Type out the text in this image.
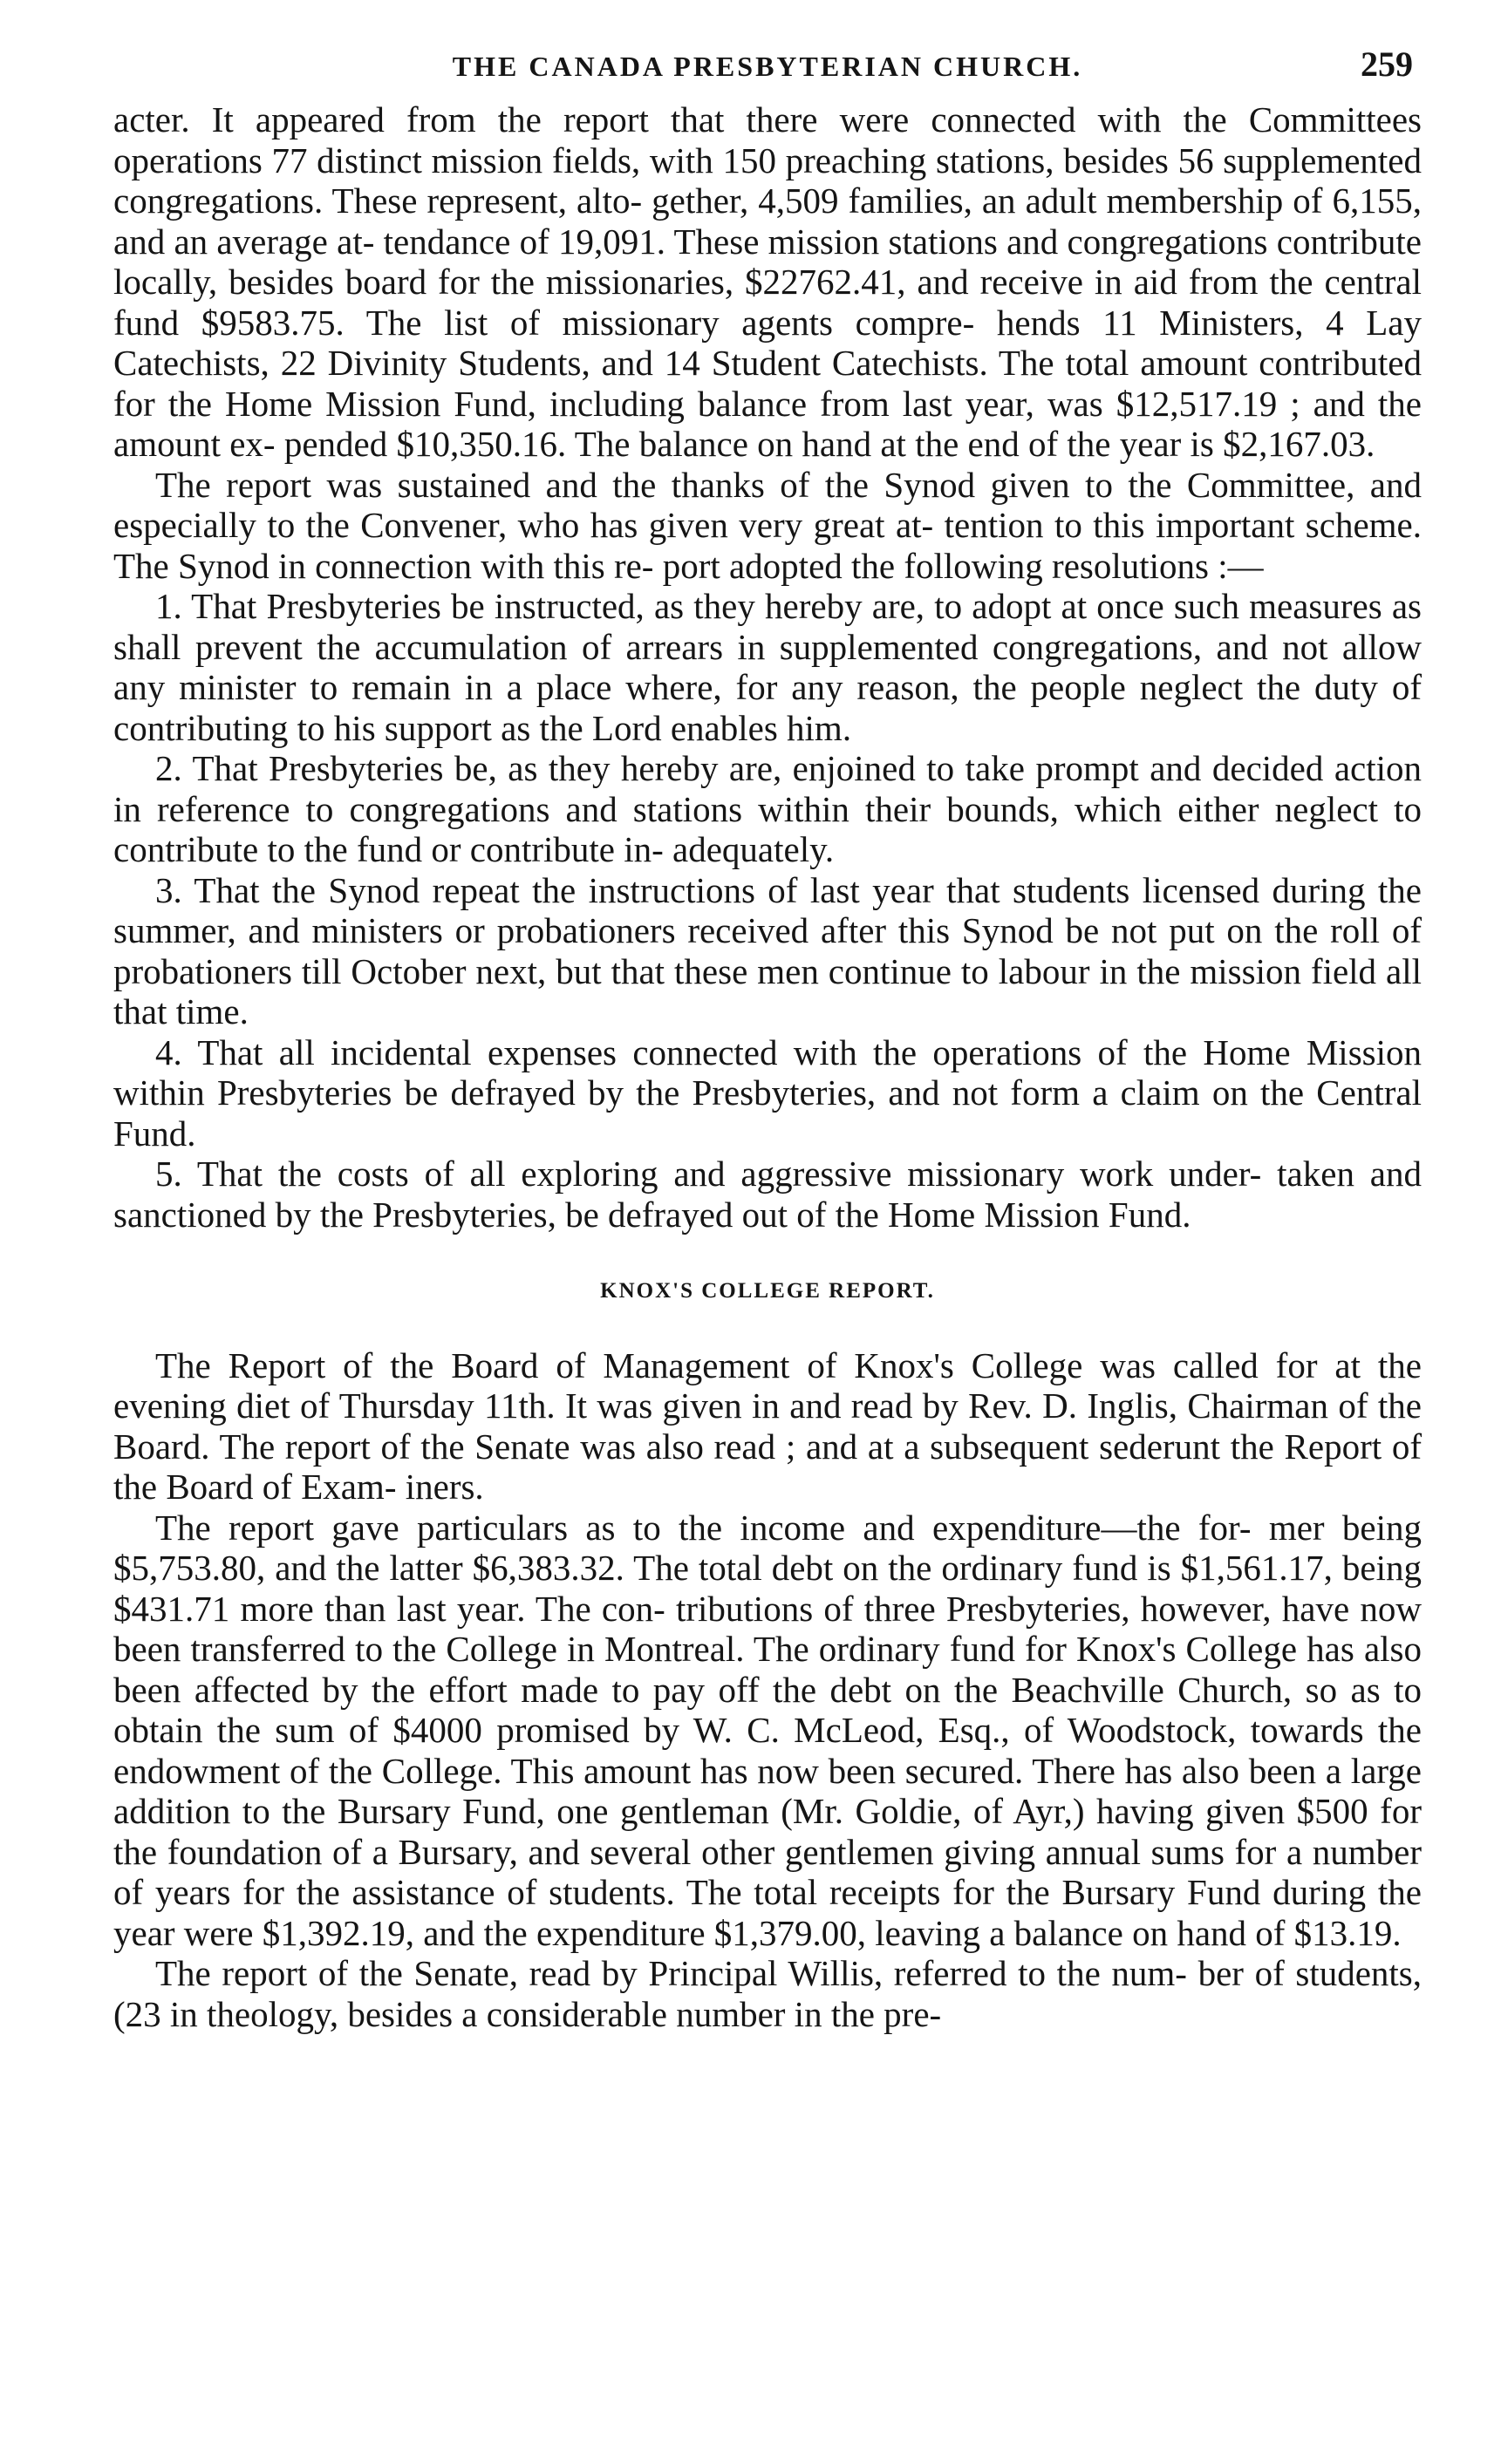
THE CANADA PRESBYTERIAN CHURCH.	259

acter. It appeared from the report that there were connected with the Committees operations 77 distinct mission fields, with 150 preaching stations, besides 56 supplemented congregations. These represent, alto- gether, 4,509 families, an adult membership of 6,155, and an average at- tendance of 19,091. These mission stations and congregations contribute locally, besides board for the missionaries, $22762.41, and receive in aid from the central fund $9583.75. The list of missionary agents compre- hends 11 Ministers, 4 Lay Catechists, 22 Divinity Students, and 14 Student Catechists. The total amount contributed for the Home Mission Fund, including balance from last year, was $12,517.19 ; and the amount ex- pended $10,350.16. The balance on hand at the end of the year is $2,167.03.

The report was sustained and the thanks of the Synod given to the Committee, and especially to the Convener, who has given very great at- tention to this important scheme. The Synod in connection with this re- port adopted the following resolutions :—

1. That Presbyteries be instructed, as they hereby are, to adopt at once such measures as shall prevent the accumulation of arrears in supplemented congregations, and not allow any minister to remain in a place where, for any reason, the people neglect the duty of contributing to his support as the Lord enables him.

2. That Presbyteries be, as they hereby are, enjoined to take prompt and decided action in reference to congregations and stations within their bounds, which either neglect to contribute to the fund or contribute in- adequately.

3. That the Synod repeat the instructions of last year that students licensed during the summer, and ministers or probationers received after this Synod be not put on the roll of probationers till October next, but that these men continue to labour in the mission field all that time.

4. That all incidental expenses connected with the operations of the Home Mission within Presbyteries be defrayed by the Presbyteries, and not form a claim on the Central Fund.

5. That the costs of all exploring and aggressive missionary work under- taken and sanctioned by the Presbyteries, be defrayed out of the Home Mission Fund.

KNOX'S COLLEGE REPORT.

The Report of the Board of Management of Knox's College was called for at the evening diet of Thursday 11th. It was given in and read by Rev. D. Inglis, Chairman of the Board. The report of the Senate was also read ; and at a subsequent sederunt the Report of the Board of Exam- iners.

The report gave particulars as to the income and expenditure—the for- mer being $5,753.80, and the latter $6,383.32. The total debt on the ordinary fund is $1,561.17, being $431.71 more than last year. The con- tributions of three Presbyteries, however, have now been transferred to the College in Montreal. The ordinary fund for Knox's College has also been affected by the effort made to pay off the debt on the Beachville Church, so as to obtain the sum of $4000 promised by W. C. McLeod, Esq., of Woodstock, towards the endowment of the College. This amount has now been secured. There has also been a large addition to the Bursary Fund, one gentleman (Mr. Goldie, of Ayr,) having given $500 for the foundation of a Bursary, and several other gentlemen giving annual sums for a number of years for the assistance of students. The total receipts for the Bursary Fund during the year were $1,392.19, and the expenditure $1,379.00, leaving a balance on hand of $13.19.

The report of the Senate, read by Principal Willis, referred to the num- ber of students, (23 in theology, besides a considerable number in the pre-
